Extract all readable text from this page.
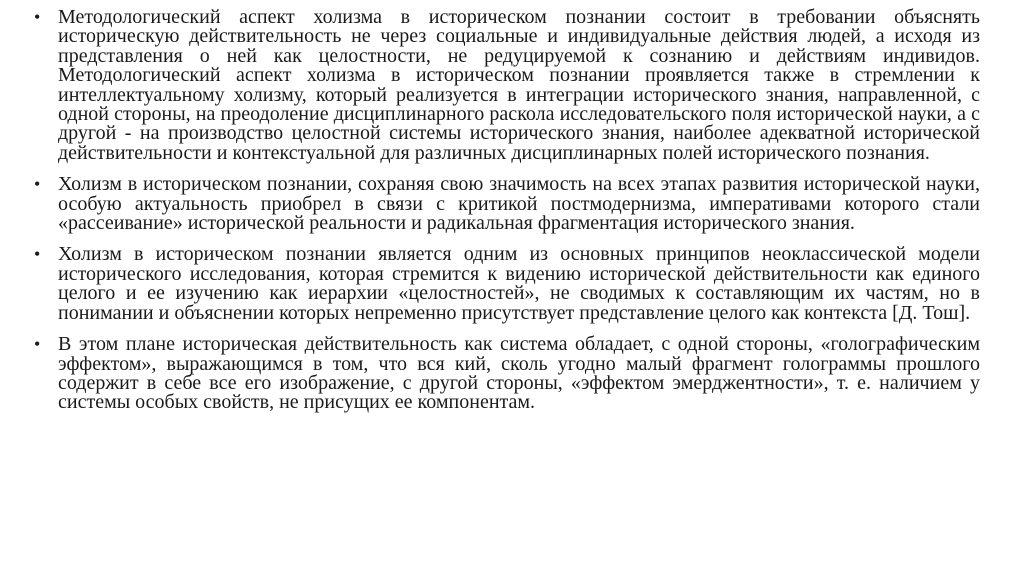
• Методологический аспект холизма в историческом познании состоит в требовании объяснять историческую действительность не через социальные и индивидуальные действия людей, а исходя из представления о ней как целостности, не редуцируемой к сознанию и действиям индивидов. Методологический аспект холизма в историческом познании проявляется также в стремлении к интеллектуальному холизму, который реализуется в интеграции исторического знания, направленной, с одной стороны, на преодоление дисциплинарного раскола исследовательского поля исторической науки, а с другой - на производство целостной системы исторического знания, наиболее адекватной исторической действительности и контекстуальной для различных дисциплинарных полей исторического познания.
• Холизм в историческом познании, сохраняя свою значимость на всех этапах развития исторической науки, особую актуальность приобрел в связи с критикой постмодернизма, императивами которого стали «рассеивание» исторической реальности и радикальная фрагментация исторического знания.
• Холизм в историческом познании является одним из основных принципов неоклассической модели исторического исследования, которая стремится к видению исторической действительности как единого целого и ее изучению как иерархии «целостностей», не сводимых к составляющим их частям, но в понимании и объяснении которых непременно присутствует представление целого как контекста [Д. Тош].
• В этом плане историческая действительность как система обладает, с одной стороны, «голографическим эффектом», выражающимся в том, что вся кий, сколь угодно малый фрагмент голограммы прошлого содержит в себе все его изображение, с другой стороны, «эффектом эмерджентности», т. е. наличием у системы особых свойств, не присущих ее компонентам.
